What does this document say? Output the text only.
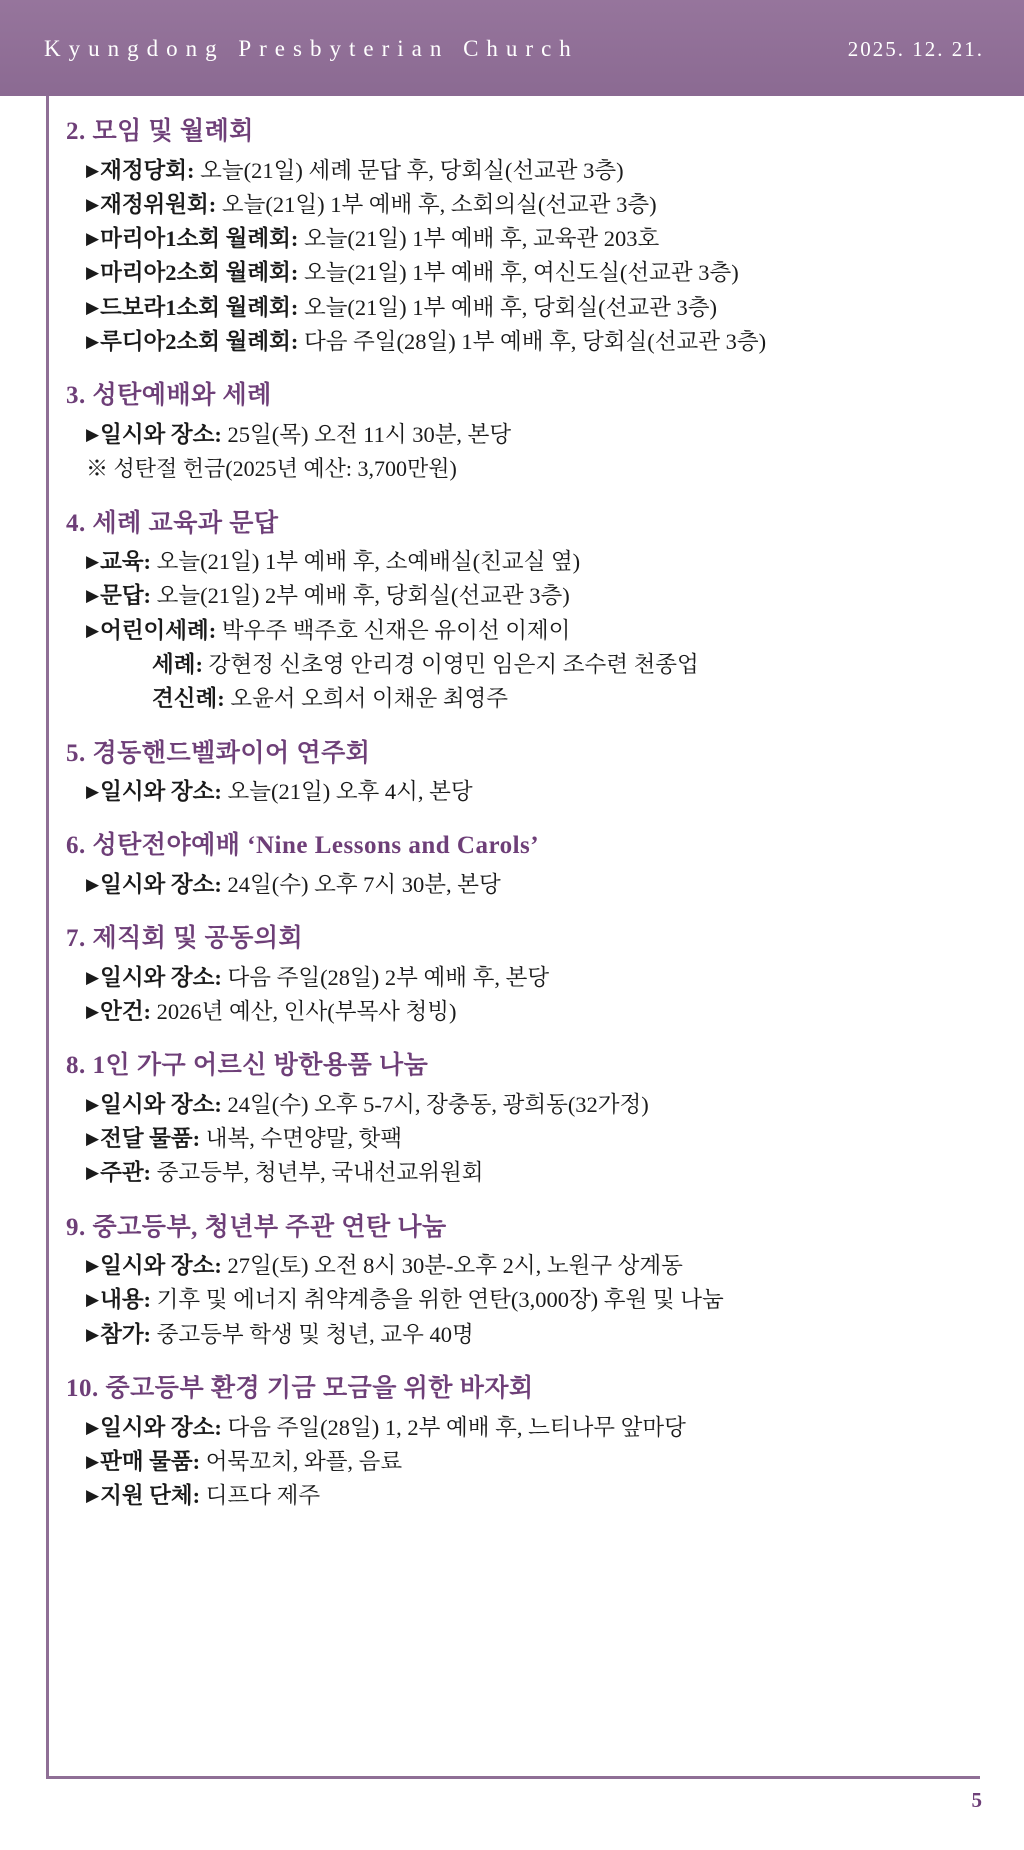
Kyungdong Presbyterian Church	2025. 12. 21.
2. 모임 및 월례회
▶재정당회: 오늘(21일) 세례 문답 후, 당회실(선교관 3층)
▶재정위원회: 오늘(21일) 1부 예배 후, 소회의실(선교관 3층)
▶마리아1소회 월례회: 오늘(21일) 1부 예배 후, 교육관 203호
▶마리아2소회 월례회: 오늘(21일) 1부 예배 후, 여신도실(선교관 3층)
▶드보라1소회 월례회: 오늘(21일) 1부 예배 후, 당회실(선교관 3층)
▶루디아2소회 월례회: 다음 주일(28일) 1부 예배 후, 당회실(선교관 3층)
3. 성탄예배와 세례
▶일시와 장소: 25일(목) 오전 11시 30분, 본당
※ 성탄절 헌금(2025년 예산: 3,700만원)
4. 세례 교육과 문답
▶교육: 오늘(21일) 1부 예배 후, 소예배실(친교실 옆)
▶문답: 오늘(21일) 2부 예배 후, 당회실(선교관 3층)
▶어린이세례: 박우주 백주호 신재은 유이선 이제이
세례: 강현정 신초영 안리경 이영민 임은지 조수련 천종업
견신례: 오윤서 오희서 이채운 최영주
5. 경동핸드벨콰이어 연주회
▶일시와 장소: 오늘(21일) 오후 4시, 본당
6. 성탄전야예배 ‘Nine Lessons and Carols’
▶일시와 장소: 24일(수) 오후 7시 30분, 본당
7. 제직회 및 공동의회
▶일시와 장소: 다음 주일(28일) 2부 예배 후, 본당
▶안건: 2026년 예산, 인사(부목사 청빙)
8. 1인 가구 어르신 방한용품 나눔
▶일시와 장소: 24일(수) 오후 5-7시, 장충동, 광희동(32가정)
▶전달 물품: 내복, 수면양말, 핫팩
▶주관: 중고등부, 청년부, 국내선교위원회
9. 중고등부, 청년부 주관 연탄 나눔
▶일시와 장소: 27일(토) 오전 8시 30분-오후 2시, 노원구 상계동
▶내용: 기후 및 에너지 취약계층을 위한 연탄(3,000장) 후원 및 나눔
▶참가: 중고등부 학생 및 청년, 교우 40명
10. 중고등부 환경 기금 모금을 위한 바자회
▶일시와 장소: 다음 주일(28일) 1, 2부 예배 후, 느티나무 앞마당
▶판매 물품: 어묵꼬치, 와플, 음료
▶지원 단체: 디프다 제주
5
